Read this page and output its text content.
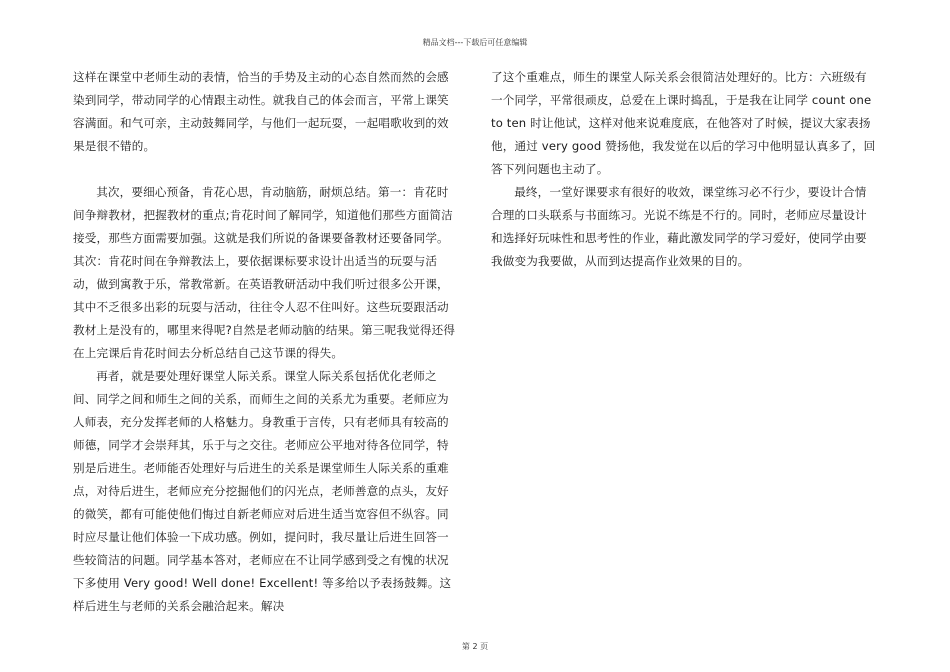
精品文档---下载后可任意编辑

这样在课堂中老师生动的表情，恰当的手势及主动的心态自然而然的会感染到同学，带动同学的心情跟主动性。就我自己的体会而言，平常上课笑容满面。和气可亲，主动鼓舞同学，与他们一起玩耍，一起唱歌收到的效果是很不错的。

其次，要细心预备，肯花心思，肯动脑筋，耐烦总结。第一：肯花时间争辩教材，把握教材的重点;肯花时间了解同学，知道他们那些方面简洁接受，那些方面需要加强。这就是我们所说的备课要备教材还要备同学。其次：肯花时间在争辩教法上，要依据课标要求设计出适当的玩耍与活动，做到寓教于乐，常教常新。在英语教研活动中我们听过很多公开课，其中不乏很多出彩的玩耍与活动，往往令人忍不住叫好。这些玩耍跟活动教材上是没有的，哪里来得呢?自然是老师动脑的结果。第三呢我觉得还得在上完课后肯花时间去分析总结自己这节课的得失。

再者，就是要处理好课堂人际关系。课堂人际关系包括优化老师之间、同学之间和师生之间的关系，而师生之间的关系尤为重要。老师应为人师表，充分发挥老师的人格魅力。身教重于言传，只有老师具有较高的师德，同学才会崇拜其，乐于与之交往。老师应公平地对待各位同学，特别是后进生。老师能否处理好与后进生的关系是课堂师生人际关系的重难点，对待后进生，老师应充分挖掘他们的闪光点，老师善意的点头，友好的微笑，都有可能使他们悔过自新老师应对后进生适当宽容但不纵容。同时应尽量让他们体验一下成功感。例如，提问时，我尽量让后进生回答一些较简洁的问题。同学基本答对，老师应在不让同学感到受之有愧的状况下多使用 Very good! Well done! Excellent! 等多给以予表扬鼓舞。这样后进生与老师的关系会融洽起来。解决

了这个重难点，师生的课堂人际关系会很简洁处理好的。比方：六班级有一个同学，平常很顽皮，总爱在上课时捣乱，于是我在让同学 count one to ten 时让他试，这样对他来说难度底，在他答对了时候，提议大家表扬他，通过 very good 赞扬他，我发觉在以后的学习中他明显认真多了，回答下列问题也主动了。

最终，一堂好课要求有很好的收效，课堂练习必不行少，要设计合情合理的口头联系与书面练习。光说不练是不行的。同时，老师应尽量设计和选择好玩味性和思考性的作业，藉此激发同学的学习爱好，使同学由要我做变为我要做，从而到达提高作业效果的目的。

第 2 页
